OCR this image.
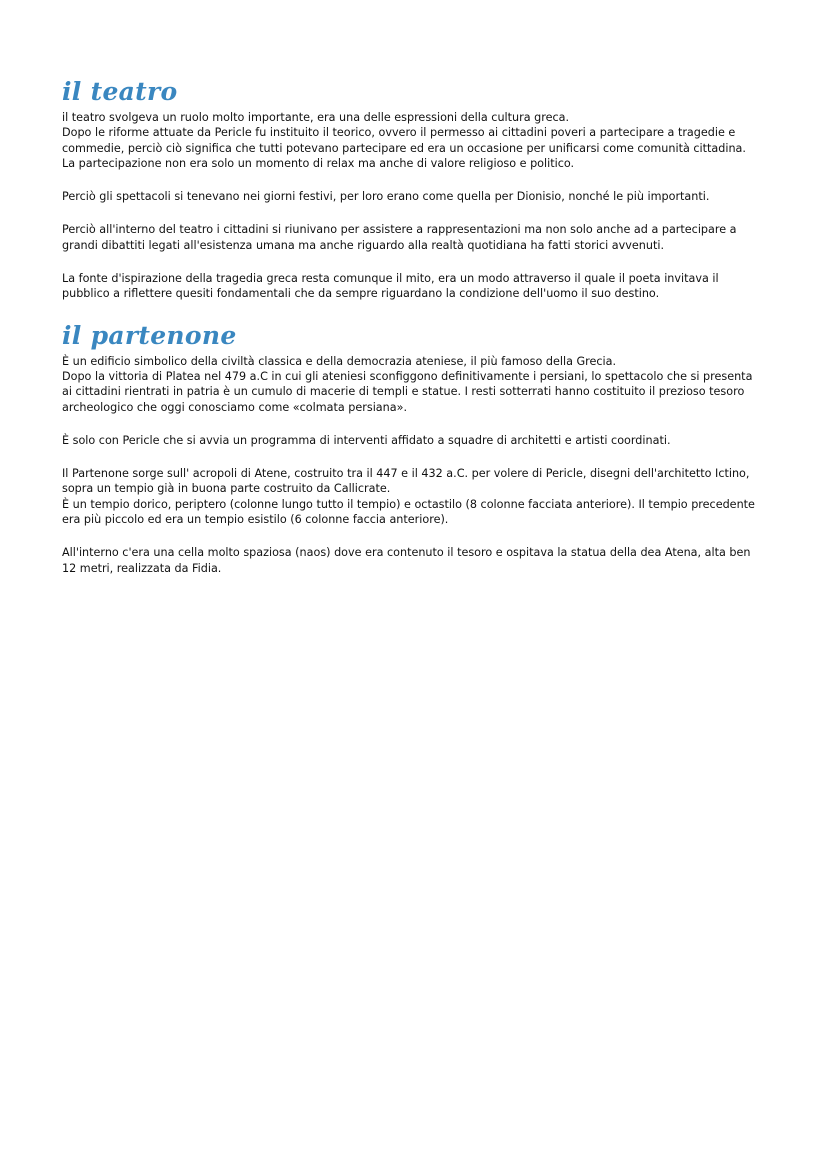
il teatro

il teatro svolgeva un ruolo molto importante, era una delle espressioni della cultura greca.
Dopo le riforme attuate da Pericle fu instituito il teorico, ovvero il permesso ai cittadini poveri a partecipare a tragedie e commedie, perciò ciò significa che tutti potevano partecipare ed era un occasione per unificarsi come comunità cittadina.
La partecipazione non era solo un momento di relax ma anche di valore religioso e politico.

Perciò gli spettacoli si tenevano nei giorni festivi, per loro erano come quella per Dionisio, nonché le più importanti.

Perciò all'interno del teatro i cittadini si riunivano per assistere a rappresentazioni ma non solo anche ad a partecipare a grandi dibattiti legati all'esistenza umana ma anche riguardo alla realtà quotidiana ha fatti storici avvenuti.

La fonte d'ispirazione della tragedia greca resta comunque il mito, era un modo attraverso il quale il poeta invitava il pubblico a riflettere quesiti fondamentali che da sempre riguardano la condizione dell'uomo il suo destino.

il partenone

È un edificio simbolico della civiltà classica e della democrazia ateniese, il più famoso della Grecia.
Dopo la vittoria di Platea nel 479 a.C in cui gli ateniesi sconfiggono definitivamente i persiani, lo spettacolo che si presenta ai cittadini rientrati in patria è un cumulo di macerie di templi e statue. I resti sotterrati hanno costituito il prezioso tesoro archeologico che oggi conosciamo come «colmata persiana».

È solo con Pericle che si avvia un programma di interventi affidato a squadre di architetti e artisti coordinati.

Il Partenone sorge sull' acropoli di Atene, costruito tra il 447 e il 432 a.C. per volere di Pericle, disegni dell'architetto Ictino, sopra un tempio già in buona parte costruito da Callicrate.
È un tempio dorico, periptero (colonne lungo tutto il tempio) e octastilo (8 colonne facciata anteriore). Il tempio precedente era più piccolo ed era un tempio esistilo (6 colonne faccia anteriore).

All'interno c'era una cella molto spaziosa (naos) dove era contenuto il tesoro e ospitava la statua della dea Atena, alta ben 12 metri, realizzata da Fidia.
